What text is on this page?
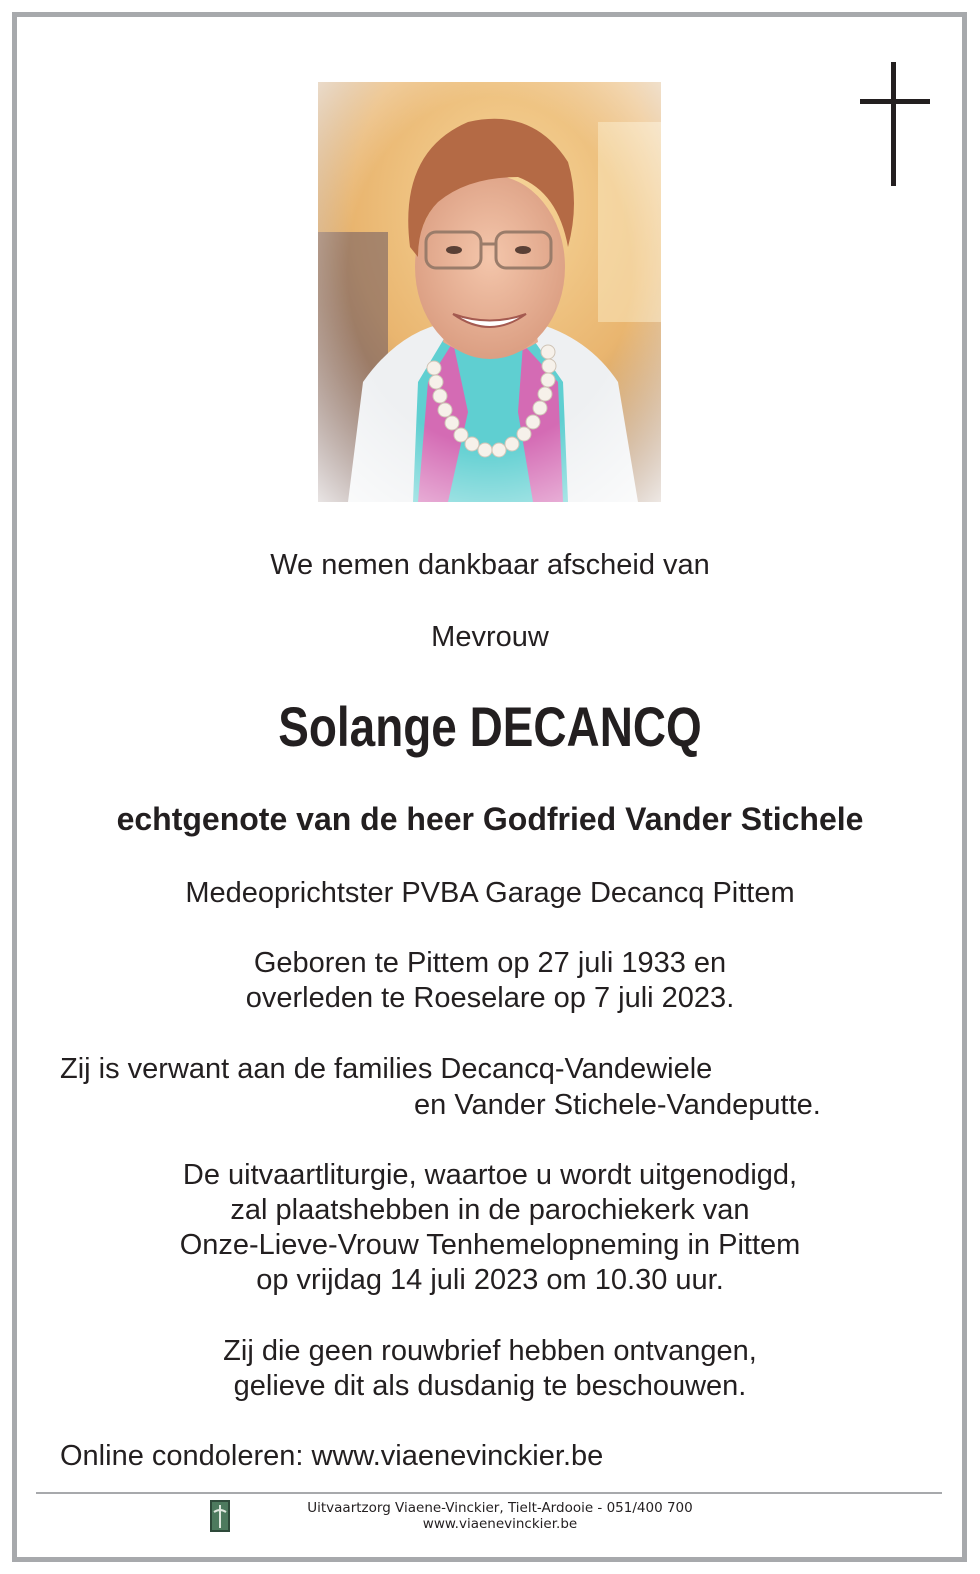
We nemen dankbaar afscheid van
Mevrouw
Solange DECANCQ
echtgenote van de heer Godfried Vander Stichele
Medeoprichtster PVBA Garage Decancq Pittem
Geboren te Pittem op 27 juli 1933 en
overleden te Roeselare op 7 juli 2023.
Zij is verwant aan de families Decancq-Vandewiele
en Vander Stichele-Vandeputte.
De uitvaartliturgie, waartoe u wordt uitgenodigd,
zal plaatshebben in de parochiekerk van
Onze-Lieve-Vrouw Tenhemelopneming in Pittem
op vrijdag 14 juli 2023 om 10.30 uur.
Zij die geen rouwbrief hebben ontvangen,
gelieve dit als dusdanig te beschouwen.
Online condoleren: www.viaenevinckier.be
Uitvaartzorg Viaene-Vinckier, Tielt-Ardooie - 051/400 700
www.viaenevinckier.be
